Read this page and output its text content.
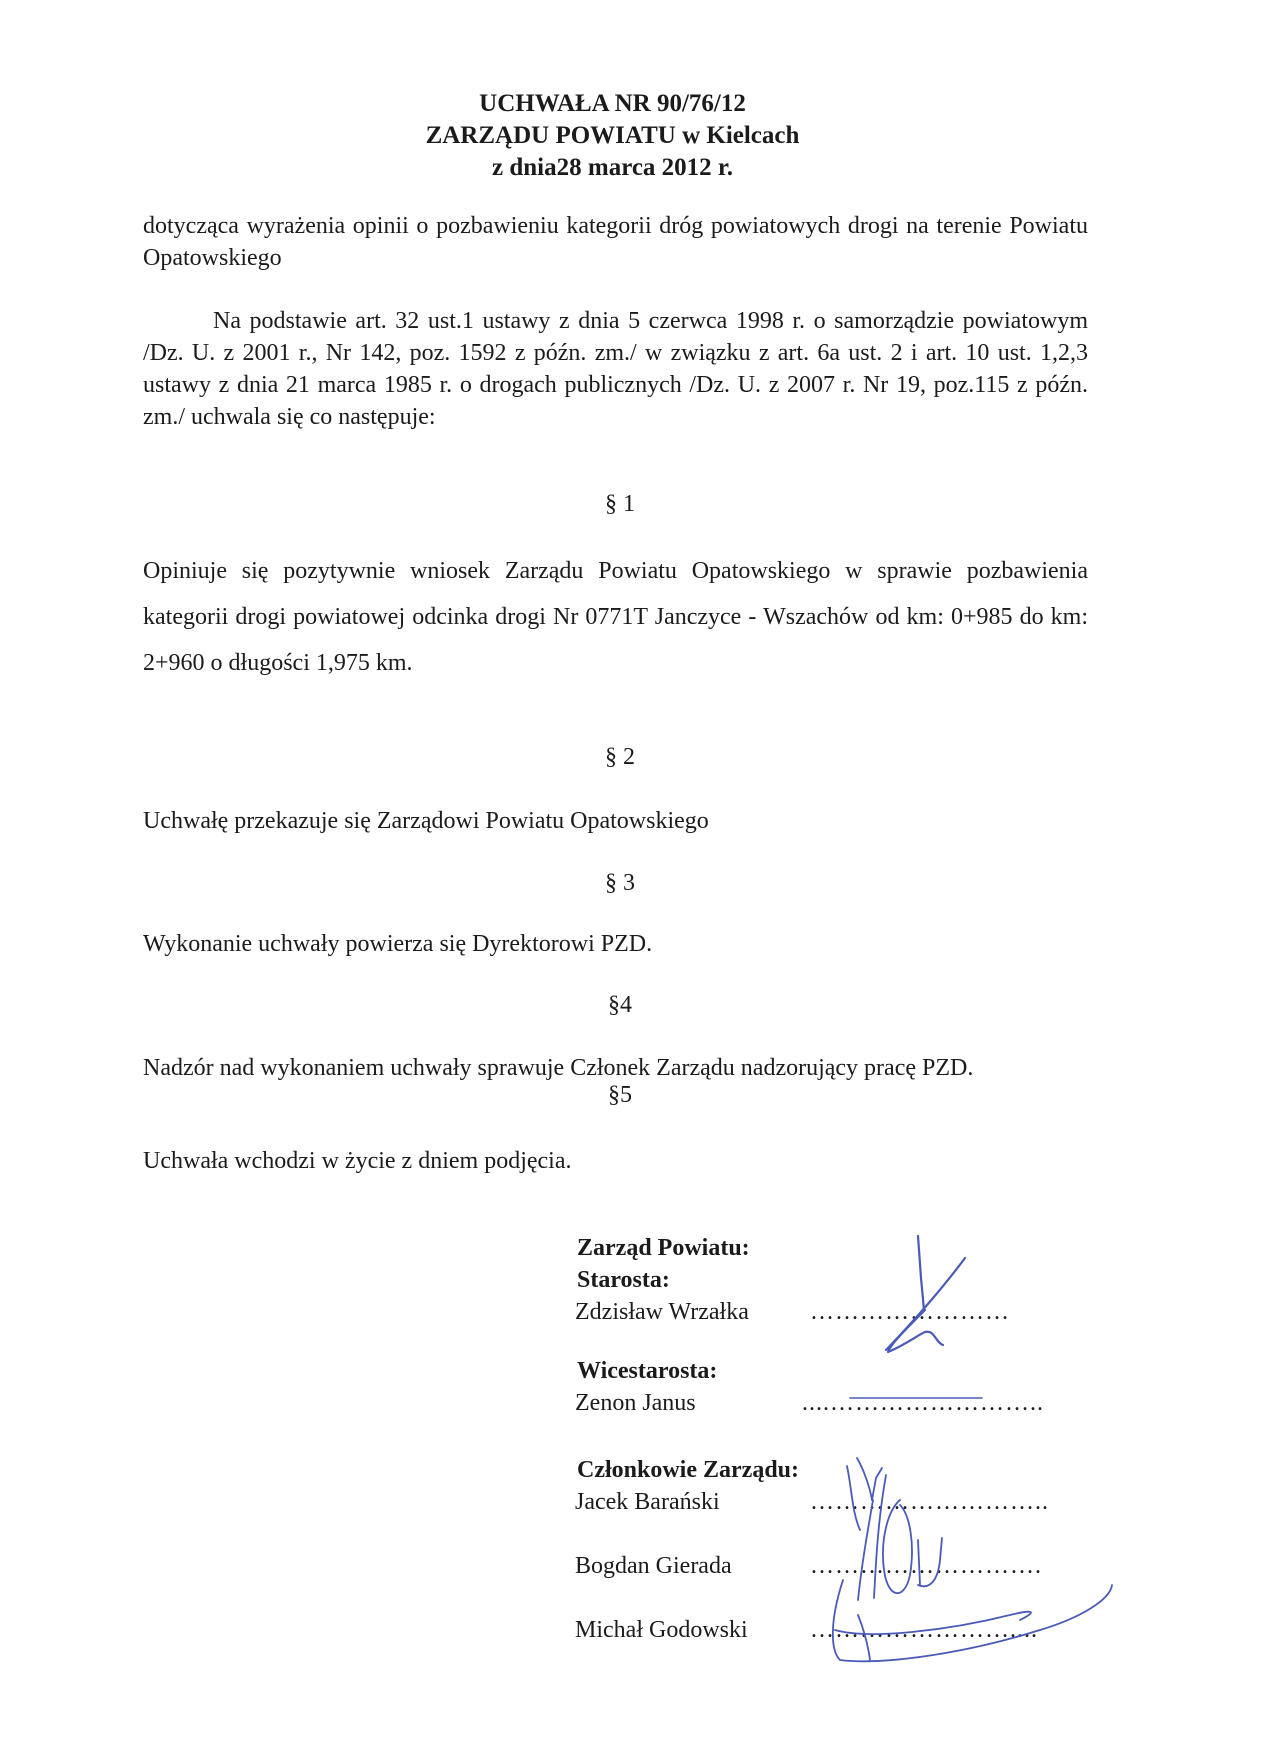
UCHWAŁA NR 90/76/12
ZARZĄDU POWIATU w Kielcach
z dnia28 marca 2012 r.

dotycząca wyrażenia opinii o pozbawieniu kategorii dróg powiatowych drogi na terenie Powiatu Opatowskiego

Na podstawie art. 32 ust.1 ustawy z dnia 5 czerwca 1998 r. o samorządzie powiatowym /Dz. U. z 2001 r., Nr 142, poz. 1592 z późn. zm./ w związku z art. 6a ust. 2 i art. 10 ust. 1,2,3 ustawy z dnia 21 marca 1985 r. o drogach publicznych /Dz. U. z 2007 r. Nr 19, poz.115 z późn. zm./ uchwala się co następuje:

§ 1

Opiniuje się pozytywnie wniosek Zarządu Powiatu Opatowskiego w sprawie pozbawienia kategorii drogi powiatowej odcinka drogi Nr 0771T Janczyce - Wszachów od km: 0+985 do km: 2+960 o długości 1,975 km.

§ 2

Uchwałę przekazuje się Zarządowi Powiatu Opatowskiego

§ 3

Wykonanie uchwały powierza się Dyrektorowi PZD.

§4

Nadzór nad wykonaniem uchwały sprawuje Członek Zarządu nadzorujący pracę PZD.

§5

Uchwała wchodzi w życie z dniem podjęcia.

Zarząd Powiatu:
Starosta:
Zdzisław Wrzałka	……………………
Wicestarosta:
Zenon Janus	....……………………..
Członkowie Zarządu:
Jacek Barański	………………………..
Bogdan Gierada	……………………….
Michał Godowski	……………………....
